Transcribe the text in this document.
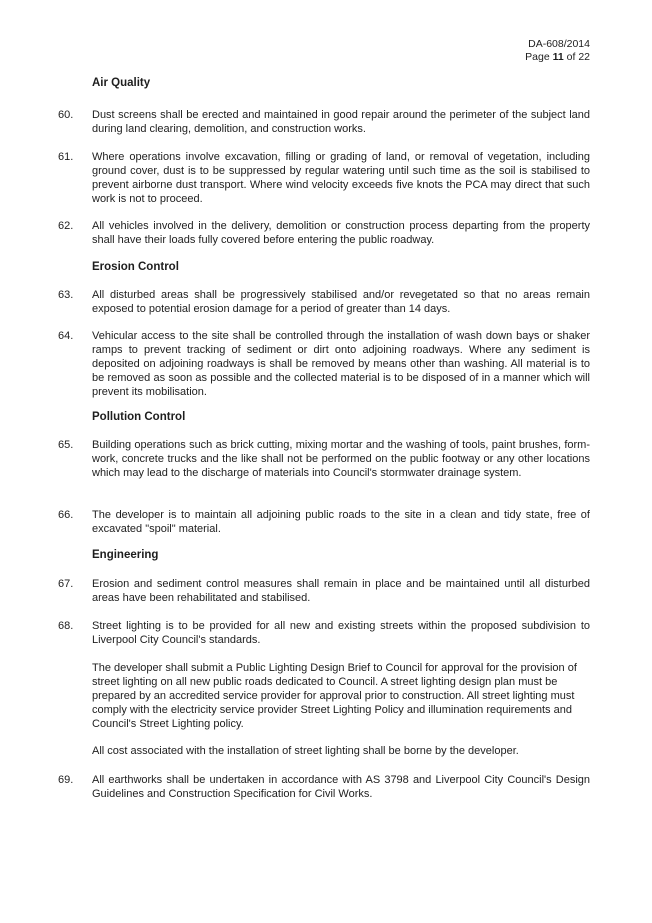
DA-608/2014
Page 11 of 22
Air Quality
60. Dust screens shall be erected and maintained in good repair around the perimeter of the subject land during land clearing, demolition, and construction works.
61. Where operations involve excavation, filling or grading of land, or removal of vegetation, including ground cover, dust is to be suppressed by regular watering until such time as the soil is stabilised to prevent airborne dust transport. Where wind velocity exceeds five knots the PCA may direct that such work is not to proceed.
62. All vehicles involved in the delivery, demolition or construction process departing from the property shall have their loads fully covered before entering the public roadway.
Erosion Control
63. All disturbed areas shall be progressively stabilised and/or revegetated so that no areas remain exposed to potential erosion damage for a period of greater than 14 days.
64. Vehicular access to the site shall be controlled through the installation of wash down bays or shaker ramps to prevent tracking of sediment or dirt onto adjoining roadways. Where any sediment is deposited on adjoining roadways is shall be removed by means other than washing. All material is to be removed as soon as possible and the collected material is to be disposed of in a manner which will prevent its mobilisation.
Pollution Control
65. Building operations such as brick cutting, mixing mortar and the washing of tools, paint brushes, form-work, concrete trucks and the like shall not be performed on the public footway or any other locations which may lead to the discharge of materials into Council's stormwater drainage system.
66. The developer is to maintain all adjoining public roads to the site in a clean and tidy state, free of excavated "spoil" material.
Engineering
67. Erosion and sediment control measures shall remain in place and be maintained until all disturbed areas have been rehabilitated and stabilised.
68. Street lighting is to be provided for all new and existing streets within the proposed subdivision to Liverpool City Council's standards.
The developer shall submit a Public Lighting Design Brief to Council for approval for the provision of street lighting on all new public roads dedicated to Council. A street lighting design plan must be prepared by an accredited service provider for approval prior to construction. All street lighting must comply with the electricity service provider Street Lighting Policy and illumination requirements and Council's Street Lighting policy.
All cost associated with the installation of street lighting shall be borne by the developer.
69. All earthworks shall be undertaken in accordance with AS 3798 and Liverpool City Council's Design Guidelines and Construction Specification for Civil Works.
